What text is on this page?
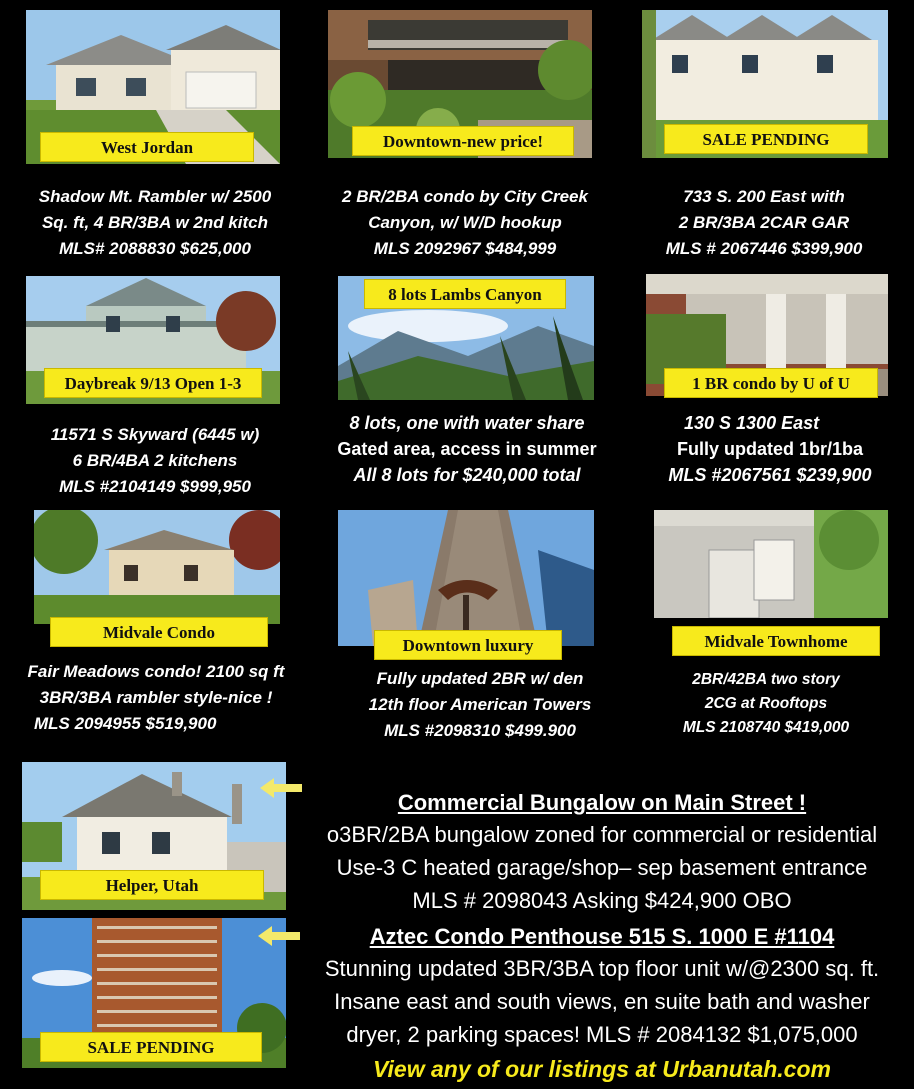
West Jordan	Downtown-new price!	SALE PENDING
Shadow Mt. Rambler w/ 2500
Sq. ft, 4 BR/3BA w 2nd kitch
MLS# 2088830 $625,000
2 BR/2BA condo by City Creek
Canyon, w/ W/D hookup
MLS 2092967 $484,999
733 S. 200 East with
2 BR/3BA 2CAR GAR
MLS # 2067446 $399,900
Daybreak 9/13 Open 1-3
8 lots Lambs Canyon
1 BR condo by U of U
11571 S Skyward (6445 w)
6 BR/4BA 2 kitchens
MLS #2104149 $999,950
8 lots, one with water share
Gated area, access in summer
All 8 lots for $240,000 total
130 S 1300 East
Fully updated 1br/1ba
MLS #2067561 $239,900
Midvale Condo
Downtown luxury	Midvale Townhome
Fair Meadows condo! 2100 sq ft
3BR/3BA rambler style-nice !
MLS 2094955 $519,900
Fully updated 2BR w/ den
12th floor American Towers
MLS #2098310 $499.900
2BR/42BA two story
2CG at Rooftops
MLS 2108740 $419,000
Helper, Utah
SALE PENDING
Commercial Bungalow on Main Street !
o3BR/2BA bungalow zoned for commercial or residential
Use-3 C heated garage/shop– sep basement entrance
MLS # 2098043 Asking $424,900 OBO
Aztec Condo Penthouse 515 S. 1000 E #1104
Stunning updated 3BR/3BA top floor unit w/@2300 sq. ft.
Insane east and south views, en suite bath and washer
dryer, 2 parking spaces! MLS # 2084132 $1,075,000
View any of our listings at Urbanutah.com
